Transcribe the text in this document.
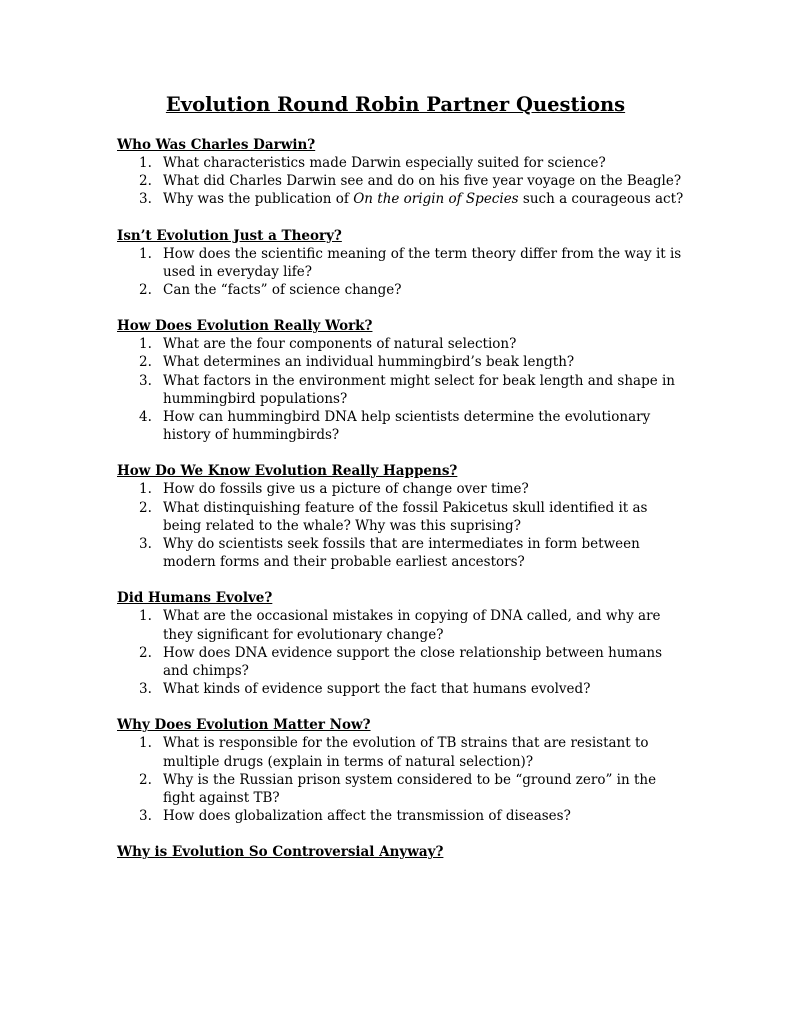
Evolution Round Robin Partner Questions

Who Was Charles Darwin?

1. What characteristics made Darwin especially suited for science?
2. What did Charles Darwin see and do on his five year voyage on the Beagle?
3. Why was the publication of On the origin of Species such a courageous act?

Isn’t Evolution Just a Theory?

1. How does the scientific meaning of the term theory differ from the way it is used in everyday life?
2. Can the “facts” of science change?

How Does Evolution Really Work?

1. What are the four components of natural selection?
2. What determines an individual hummingbird’s beak length?
3. What factors in the environment might select for beak length and shape in hummingbird populations?
4. How can hummingbird DNA help scientists determine the evolutionary history of hummingbirds?

How Do We Know Evolution Really Happens?

1. How do fossils give us a picture of change over time?
2. What distinquishing feature of the fossil Pakicetus skull identified it as being related to the whale? Why was this suprising?
3. Why do scientists seek fossils that are intermediates in form between modern forms and their probable earliest ancestors?

Did Humans Evolve?

1. What are the occasional mistakes in copying of DNA called, and why are they significant for evolutionary change?
2. How does DNA evidence support the close relationship between humans and chimps?
3. What kinds of evidence support the fact that humans evolved?

Why Does Evolution Matter Now?

1. What is responsible for the evolution of TB strains that are resistant to multiple drugs (explain in terms of natural selection)?
2. Why is the Russian prison system considered to be “ground zero” in the fight against TB?
3. How does globalization affect the transmission of diseases?

Why is Evolution So Controversial Anyway?
